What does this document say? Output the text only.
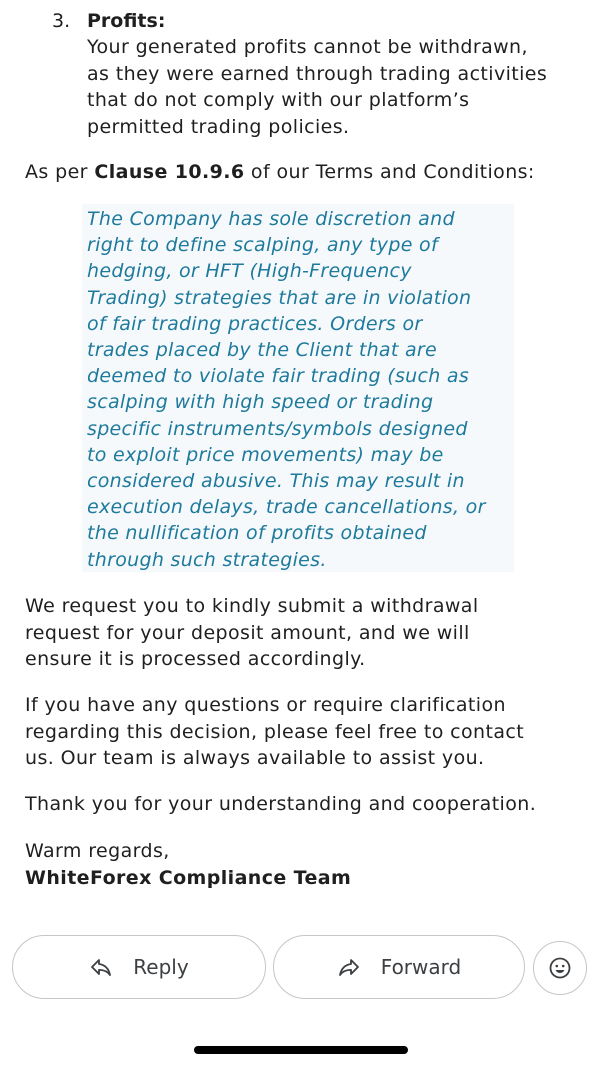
3. Profits:
Your generated profits cannot be withdrawn,
as they were earned through trading activities
that do not comply with our platform’s
permitted trading policies.
As per Clause 10.9.6 of our Terms and Conditions:
The Company has sole discretion and
right to define scalping, any type of
hedging, or HFT (High-Frequency
Trading) strategies that are in violation
of fair trading practices. Orders or
trades placed by the Client that are
deemed to violate fair trading (such as
scalping with high speed or trading
specific instruments/symbols designed
to exploit price movements) may be
considered abusive. This may result in
execution delays, trade cancellations, or
the nullification of profits obtained
through such strategies.
We request you to kindly submit a withdrawal
request for your deposit amount, and we will
ensure it is processed accordingly.
If you have any questions or require clarification
regarding this decision, please feel free to contact
us. Our team is always available to assist you.
Thank you for your understanding and cooperation.
Warm regards,
WhiteForex Compliance Team
Reply	Forward
